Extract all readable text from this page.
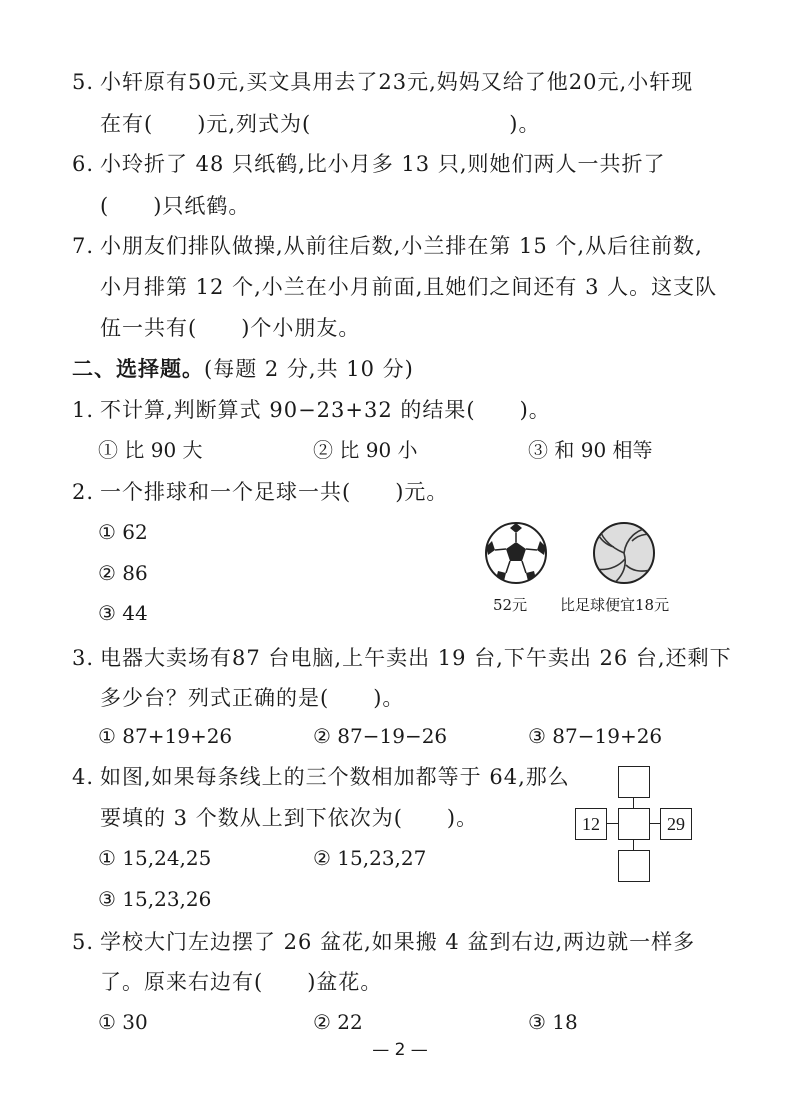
5. 小轩原有50元,买文具用去了23元,妈妈又给了他20元,小轩现
在有(　　)元,列式为(　　　　　　　　　)。
6. 小玲折了 48 只纸鹤,比小月多 13 只,则她们两人一共折了
(　　)只纸鹤。
7. 小朋友们排队做操,从前往后数,小兰排在第 15 个,从后往前数,
小月排第 12 个,小兰在小月前面,且她们之间还有 3 人。这支队
伍一共有(　　)个小朋友。
二、选择题。(每题 2 分,共 10 分)
1. 不计算,判断算式 90−23+32 的结果(　　)。
① 比 90 大	② 比 90 小	③ 和 90 相等
2. 一个排球和一个足球一共(　　)元。
① 62
② 86
③ 44	52元 比足球便宜18元
3. 电器大卖场有87 台电脑,上午卖出 19 台,下午卖出 26 台,还剩下
多少台？列式正确的是(　　)。
① 87+19+26	② 87−19−26	③ 87−19+26
4. 如图,如果每条线上的三个数相加都等于 64,那么
要填的 3 个数从上到下依次为(　　)。
① 15,24,25	② 15,23,27
③ 15,23,26
12	29
5. 学校大门左边摆了 26 盆花,如果搬 4 盆到右边,两边就一样多
了。原来右边有(　　)盆花。
① 30	② 22	③ 18
— 2 —
